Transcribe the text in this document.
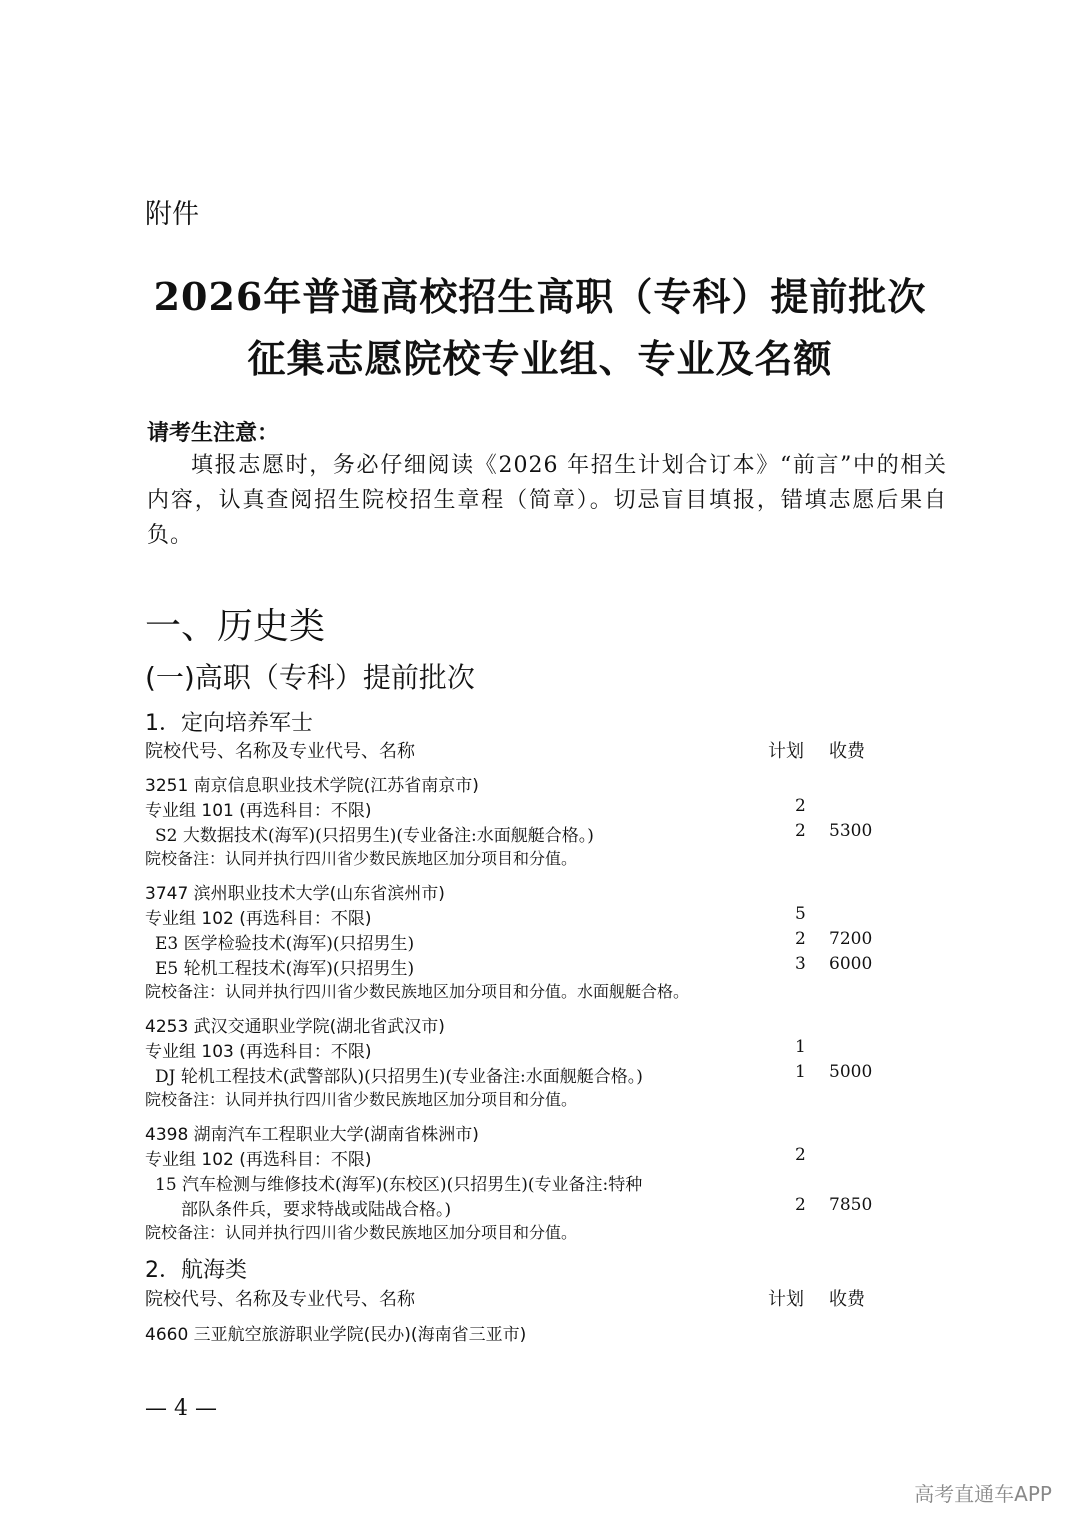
附件
2026年普通高校招生高职（专科）提前批次
征集志愿院校专业组、专业及名额
请考生注意：
填报志愿时，务必仔细阅读《2026 年招生计划合订本》“前言”中的相关内容，认真查阅招生院校招生章程（简章）。切忌盲目填报，错填志愿后果自负。
一、历史类
(一)高职（专科）提前批次
1．定向培养军士
院校代号、名称及专业代号、名称	计划 收费
3251 南京信息职业技术学院(江苏省南京市)
专业组 101 (再选科目：不限)	2
S2 大数据技术(海军)(只招男生)(专业备注:水面舰艇合格。)	2 5300
院校备注：认同并执行四川省少数民族地区加分项目和分值。
3747 滨州职业技术大学(山东省滨州市)
专业组 102 (再选科目：不限)	5
E3 医学检验技术(海军)(只招男生)	2 7200
E5 轮机工程技术(海军)(只招男生)	3 6000
院校备注：认同并执行四川省少数民族地区加分项目和分值。水面舰艇合格。
4253 武汉交通职业学院(湖北省武汉市)
专业组 103 (再选科目：不限)	1
DJ 轮机工程技术(武警部队)(只招男生)(专业备注:水面舰艇合格。)	1 5000
院校备注：认同并执行四川省少数民族地区加分项目和分值。
4398 湖南汽车工程职业大学(湖南省株洲市)
专业组 102 (再选科目：不限)	2
15 汽车检测与维修技术(海军)(东校区)(只招男生)(专业备注:特种
部队条件兵，要求特战或陆战合格。)	2 7850
院校备注：认同并执行四川省少数民族地区加分项目和分值。
2．航海类
院校代号、名称及专业代号、名称	计划 收费
4660 三亚航空旅游职业学院(民办)(海南省三亚市)
— 4 —
高考直通车APP
